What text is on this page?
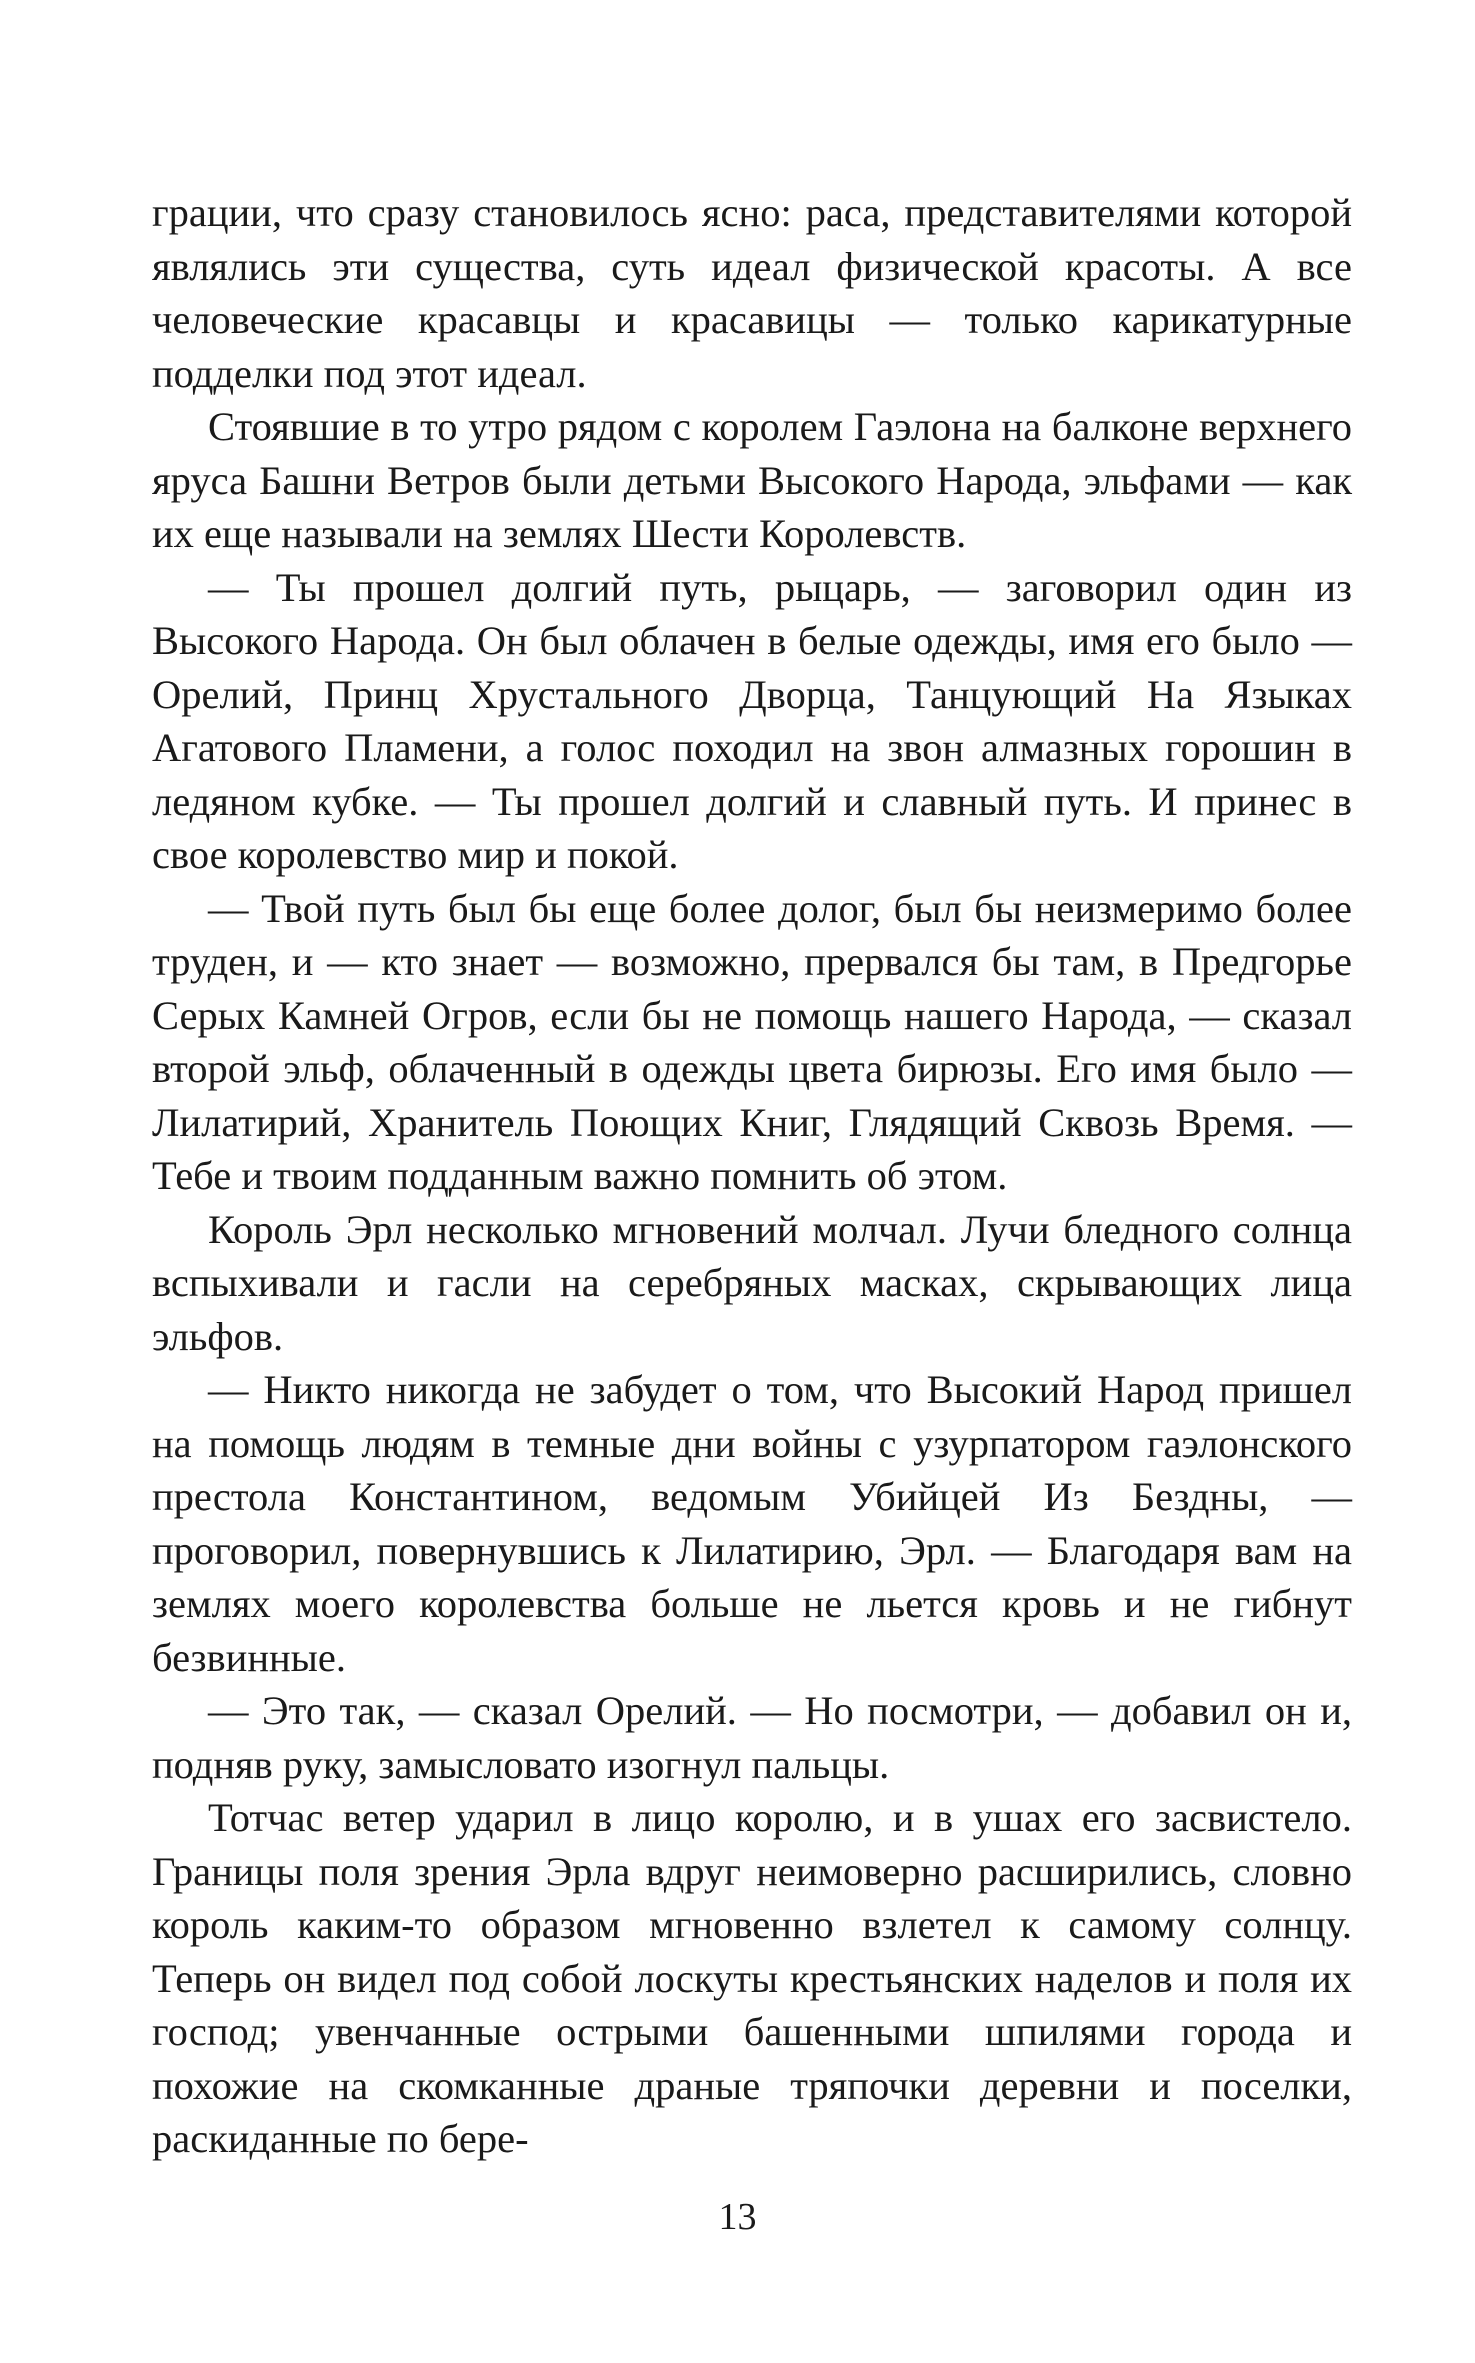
грации, что сразу становилось ясно: раса, представителями которой являлись эти существа, суть идеал физической красоты. А все человеческие красавцы и красавицы — только карикатурные подделки под этот идеал.

Стоявшие в то утро рядом с королем Гаэлона на балконе верхнего яруса Башни Ветров были детьми Высокого Народа, эльфами — как их еще называли на землях Шести Королевств.

— Ты прошел долгий путь, рыцарь, — заговорил один из Высокого Народа. Он был облачен в белые одежды, имя его было — Орелий, Принц Хрустального Дворца, Танцующий На Языках Агатового Пламени, а голос походил на звон алмазных горошин в ледяном кубке. — Ты прошел долгий и славный путь. И принес в свое королевство мир и покой.

— Твой путь был бы еще более долог, был бы неизмеримо более труден, и — кто знает — возможно, прервался бы там, в Предгорье Серых Камней Огров, если бы не помощь нашего Народа, — сказал второй эльф, облаченный в одежды цвета бирюзы. Его имя было — Лилатирий, Хранитель Поющих Книг, Глядящий Сквозь Время. — Тебе и твоим подданным важно помнить об этом.

Король Эрл несколько мгновений молчал. Лучи бледного солнца вспыхивали и гасли на серебряных масках, скрывающих лица эльфов.

— Никто никогда не забудет о том, что Высокий Народ пришел на помощь людям в темные дни войны с узурпатором гаэлонского престола Константином, ведомым Убийцей Из Бездны, — проговорил, повернувшись к Лилатирию, Эрл. — Благодаря вам на землях моего королевства больше не льется кровь и не гибнут безвинные.

— Это так, — сказал Орелий. — Но посмотри, — добавил он и, подняв руку, замысловато изогнул пальцы.

Тотчас ветер ударил в лицо королю, и в ушах его засвистело. Границы поля зрения Эрла вдруг неимоверно расширились, словно король каким-то образом мгновенно взлетел к самому солнцу. Теперь он видел под собой лоскуты крестьянских наделов и поля их господ; увенчанные острыми башенными шпилями города и похожие на скомканные драные тряпочки деревни и поселки, раскиданные по бере-

13
